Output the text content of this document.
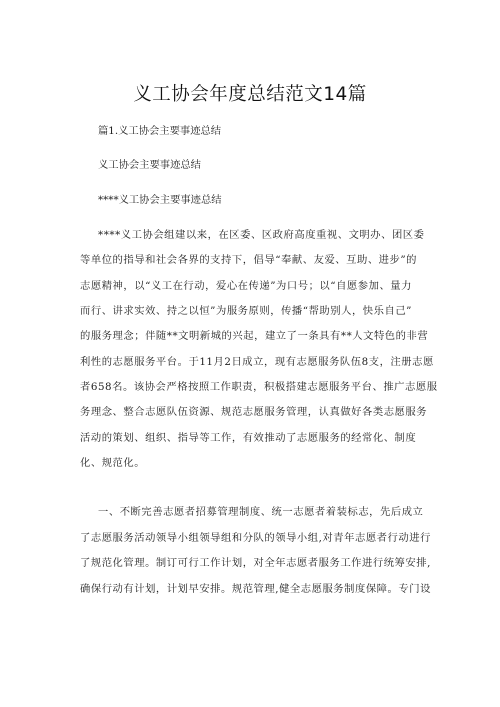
义工协会年度总结范文14篇
篇1.义工协会主要事迹总结
义工协会主要事迹总结
****义工协会主要事迹总结
****义工协会组建以来，在区委、区政府高度重视、文明办、团区委
等单位的指导和社会各界的支持下，倡导“奉献、友爱、互助、进步”的
志愿精神，以“义工在行动，爱心在传递”为口号；以“自愿参加、量力
而行、讲求实效、持之以恒”为服务原则，传播“帮助别人，快乐自己”
的服务理念；伴随**文明新城的兴起，建立了一条具有**人文特色的非营
利性的志愿服务平台。于11月2日成立，现有志愿服务队伍8支，注册志愿
者658名。该协会严格按照工作职责，积极搭建志愿服务平台、推广志愿服
务理念、整合志愿队伍资源、规范志愿服务管理，认真做好各类志愿服务
活动的策划、组织、指导等工作，有效推动了志愿服务的经常化、制度
化、规范化。
一、不断完善志愿者招募管理制度、统一志愿者着装标志，先后成立
了志愿服务活动领导小组领导组和分队的领导小组,对青年志愿者行动进行
了规范化管理。制订可行工作计划，对全年志愿者服务工作进行统筹安排,
确保行动有计划，计划早安排。规范管理,健全志愿服务制度保障。专门设
